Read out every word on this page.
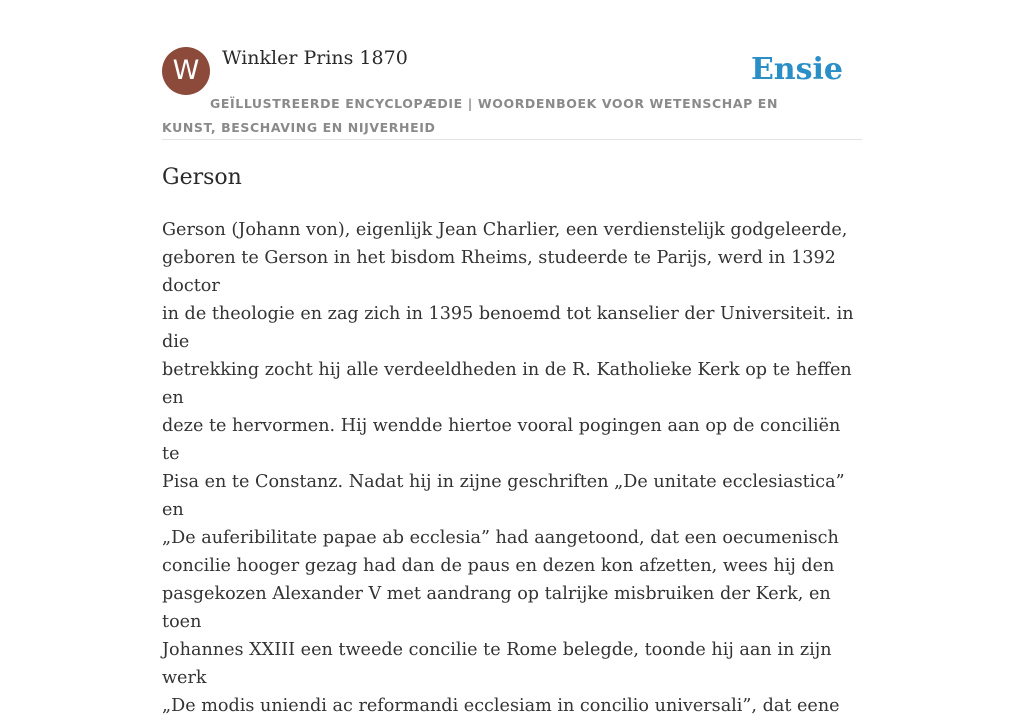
W	Winkler Prins 1870	Ensie
GEÏLLUSTREERDE ENCYCLOPÆDIE | WOORDENBOEK VOOR WETENSCHAP EN KUNST, BESCHAVING EN NIJVERHEID
Gerson
Gerson (Johann von), eigenlijk Jean Charlier, een verdienstelijk godgeleerde,
geboren te Gerson in het bisdom Rheims, studeerde te Parijs, werd in 1392 doctor
in de theologie en zag zich in 1395 benoemd tot kanselier der Universiteit. in die
betrekking zocht hij alle verdeeldheden in de R. Katholieke Kerk op te heffen en
deze te hervormen. Hij wendde hiertoe vooral pogingen aan op de conciliën te
Pisa en te Constanz. Nadat hij in zijne geschriften „De unitate ecclesiastica” en
„De auferibilitate papae ab ecclesia” had aangetoond, dat een oecumenisch
concilie hooger gezag had dan de paus en dezen kon afzetten, wees hij den
pasgekozen Alexander V met aandrang op talrijke misbruiken der Kerk, en toen
Johannes XXIII een tweede concilie te Rome belegde, toonde hij aan in zijn werk
„De modis uniendi ac reformandi ecclesiam in concilio universali”, dat eene
